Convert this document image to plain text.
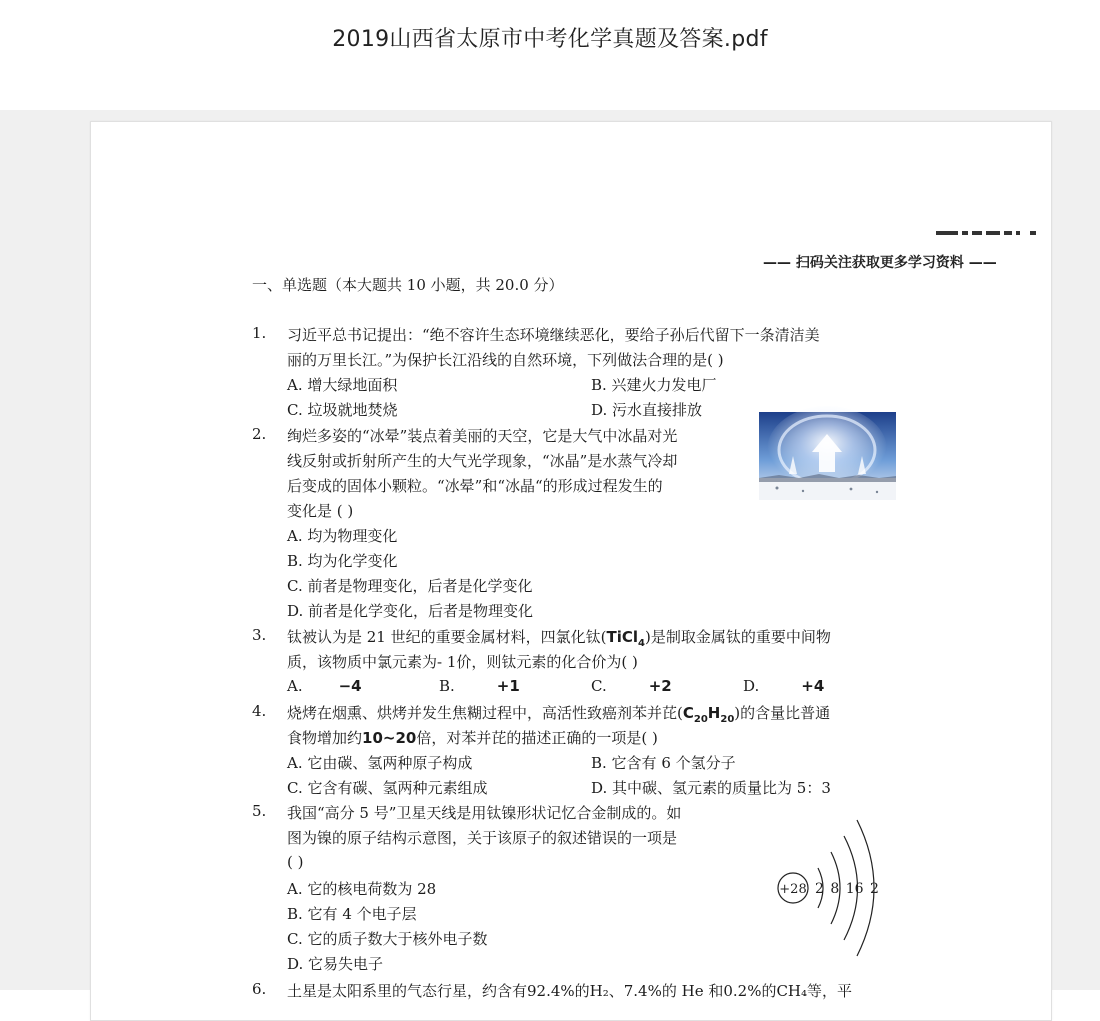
2019山西省太原市中考化学真题及答案.pdf
—— 扫码关注获取更多学习资料 ——
一、单选题（本大题共 10 小题，共 20.0 分）
1. 习近平总书记提出：“绝不容许生态环境继续恶化，要给子孙后代留下一条清洁美
丽的万里长江。”为保护长江沿线的自然环境，下列做法合理的是( )
A. 增大绿地面积	B. 兴建火力发电厂
C. 垃圾就地焚烧	D. 污水直接排放
2. 绚烂多姿的“冰晕”装点着美丽的天空，它是大气中冰晶对光
线反射或折射所产生的大气光学现象，“冰晶”是水蒸气冷却
后变成的固体小颗粒。“冰晕”和“冰晶“的形成过程发生的
变化是 ( )
A. 均为物理变化
B. 均为化学变化
C. 前者是物理变化，后者是化学变化
D. 前者是化学变化，后者是物理变化
3. 钛被认为是 21 世纪的重要金属材料，四氯化钛(TiCl$_4$)是制取金属钛的重要中间物
质，该物质中氯元素为- 1价，则钛元素的化合价为( )
A. −4	B.	+1	C.	+2	D.	+4
4. 烧烤在烟熏、烘烤并发生焦糊过程中，高活性致癌剂苯并芘$(C_{20}H_{20})$的含量比普通
食物增加约10~20倍，对苯并芘的描述正确的一项是( )
A. 它由碳、氢两种原子构成	B. 它含有 6 个氢分子
C. 它含有碳、氢两种元素组成	D. 其中碳、氢元素的质量比为 5：3
5. 我国“高分 5 号”卫星天线是用钛镍形状记忆合金制成的。如
图为镍的原子结构示意图，关于该原子的叙述错误的一项是
( )
A. 它的核电荷数为 28
B. 它有 4 个电子层
C. 它的质子数大于核外电子数
D. 它易失电子
+28 2 8 16 2
6. 土星是太阳系里的气态行星，约含有92.4%的H₂、7.4%的 He 和0.2%的CH₄等，平
